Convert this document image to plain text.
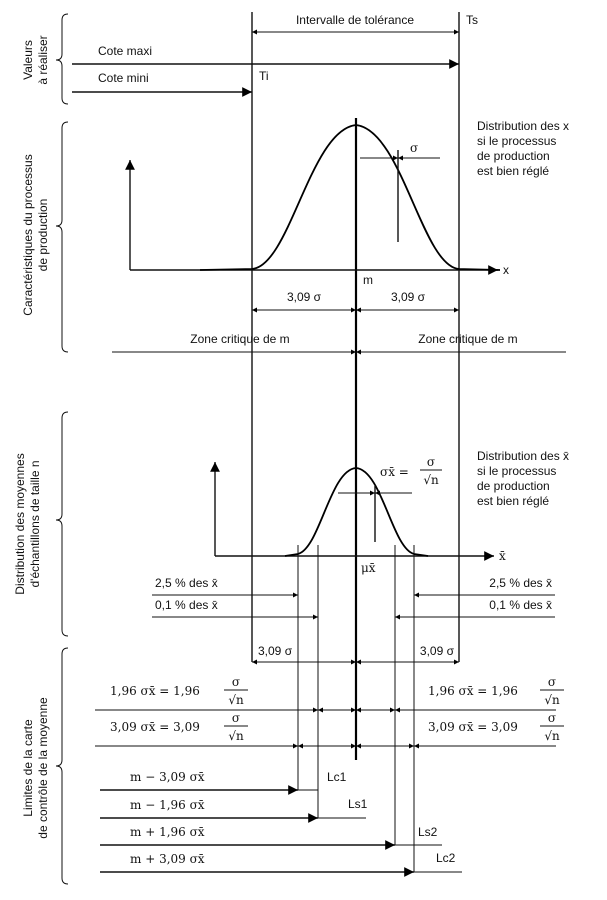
Valeursà réaliser
Caractéristiques du processusde production
Distribution des moyennesd'échantillons de taille n
Limites de la cartede contrôle de la moyenne
Intervalle de tolérance	Ts
Cote maxi
Cote mini	Ti
x
σ
Distribution des x
si le processus
de production
est bien réglé
m
3,09 σ	3,09 σ
Zone critique de m	Zone critique de m
x̄
σx̄ =
σ
√n
Distribution des x̄
si le processus
de production
est bien réglé
μx̄
2,5 % des x̄
0,1 % des x̄
2,5 % des x̄
0,1 % des x̄
3,09 σ	3,09 σ
1,96 σx̄ = 1,96
σ
√n
3,09 σx̄ = 3,09
σ
√n
1,96 σx̄ = 1,96
σ
√n
3,09 σx̄ = 3,09
σ
√n
m − 3,09 σx̄	Lc1
m − 1,96 σx̄	Ls1
m + 1,96 σx̄	Ls2
m + 3,09 σx̄	Lc2
